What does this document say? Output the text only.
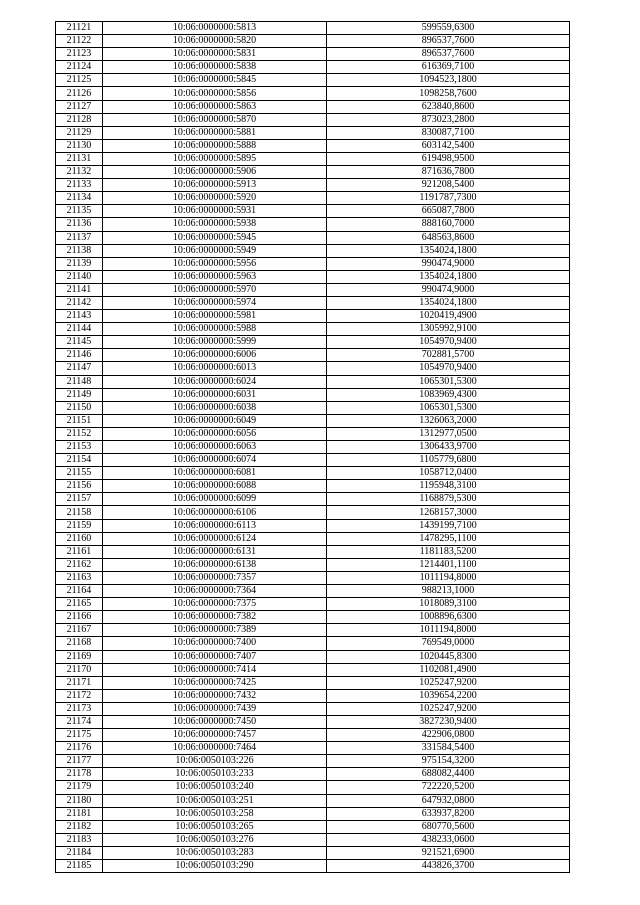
21121	10:06:0000000:5813	599559,6300
21122	10:06:0000000:5820	896537,7600
21123	10:06:0000000:5831	896537,7600
21124	10:06:0000000:5838	616369,7100
21125	10:06:0000000:5845	1094523,1800
21126	10:06:0000000:5856	1098258,7600
21127	10:06:0000000:5863	623840,8600
21128	10:06:0000000:5870	873023,2800
21129	10:06:0000000:5881	830087,7100
21130	10:06:0000000:5888	603142,5400
21131	10:06:0000000:5895	619498,9500
21132	10:06:0000000:5906	871636,7800
21133	10:06:0000000:5913	921208,5400
21134	10:06:0000000:5920	1191787,7300
21135	10:06:0000000:5931	665087,7800
21136	10:06:0000000:5938	888160,7000
21137	10:06:0000000:5945	648563,8600
21138	10:06:0000000:5949	1354024,1800
21139	10:06:0000000:5956	990474,9000
21140	10:06:0000000:5963	1354024,1800
21141	10:06:0000000:5970	990474,9000
21142	10:06:0000000:5974	1354024,1800
21143	10:06:0000000:5981	1020419,4900
21144	10:06:0000000:5988	1305992,9100
21145	10:06:0000000:5999	1054970,9400
21146	10:06:0000000:6006	702881,5700
21147	10:06:0000000:6013	1054970,9400
21148	10:06:0000000:6024	1065301,5300
21149	10:06:0000000:6031	1083969,4300
21150	10:06:0000000:6038	1065301,5300
21151	10:06:0000000:6049	1326063,2000
21152	10:06:0000000:6056	1312977,0500
21153	10:06:0000000:6063	1306433,9700
21154	10:06:0000000:6074	1105779,6800
21155	10:06:0000000:6081	1058712,0400
21156	10:06:0000000:6088	1195948,3100
21157	10:06:0000000:6099	1168879,5300
21158	10:06:0000000:6106	1268157,3000
21159	10:06:0000000:6113	1439199,7100
21160	10:06:0000000:6124	1478295,1100
21161	10:06:0000000:6131	1181183,5200
21162	10:06:0000000:6138	1214401,1100
21163	10:06:0000000:7357	1011194,8000
21164	10:06:0000000:7364	988213,1000
21165	10:06:0000000:7375	1018089,3100
21166	10:06:0000000:7382	1008896,6300
21167	10:06:0000000:7389	1011194,8000
21168	10:06:0000000:7400	769549,0000
21169	10:06:0000000:7407	1020445,8300
21170	10:06:0000000:7414	1102081,4900
21171	10:06:0000000:7425	1025247,9200
21172	10:06:0000000:7432	1039654,2200
21173	10:06:0000000:7439	1025247,9200
21174	10:06:0000000:7450	3827230,9400
21175	10:06:0000000:7457	422906,0800
21176	10:06:0000000:7464	331584,5400
21177	10:06:0050103:226	975154,3200
21178	10:06:0050103:233	688082,4400
21179	10:06:0050103:240	722220,5200
21180	10:06:0050103:251	647932,0800
21181	10:06:0050103:258	633937,8200
21182	10:06:0050103:265	680770,5600
21183	10:06:0050103:276	438233,0600
21184	10:06:0050103:283	921521,6900
21185	10:06:0050103:290	443826,3700
